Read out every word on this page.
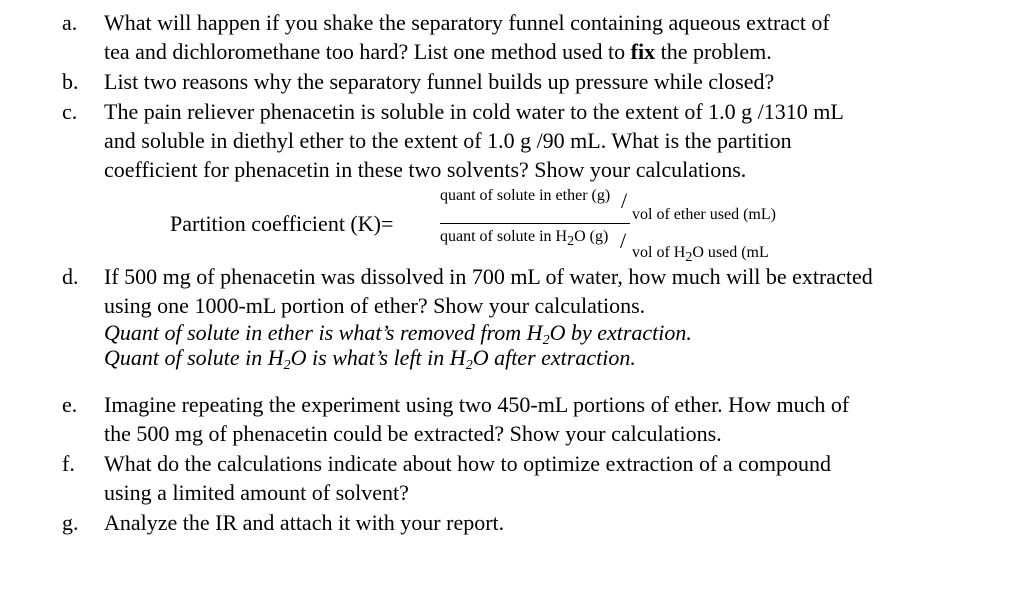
a.	What will happen if you shake the separatory funnel containing aqueous extract of
tea and dichloromethane too hard? List one method used to fix the problem.
b.	List two reasons why the separatory funnel builds up pressure while closed?
c.	The pain reliever phenacetin is soluble in cold water to the extent of 1.0 g /1310 mL
and soluble in diethyl ether to the extent of 1.0 g /90 mL. What is the partition
coefficient for phenacetin in these two solvents? Show your calculations.
Partition coefficient (K)=
quant of solute in ether (g) /
vol of ether used (mL)
quant of solute in $H_2O$ (g) / vol of $H_2O$ used (mL
d.	If 500 mg of phenacetin was dissolved in 700 mL of water, how much will be extracted
using one 1000-mL portion of ether? Show your calculations.
Quant of solute in ether is what’s removed from $H_2O$ by extraction.
Quant of solute in $H_2O$ is what’s left in $H_2O$ after extraction.
e.	Imagine repeating the experiment using two 450-mL portions of ether. How much of
the 500 mg of phenacetin could be extracted? Show your calculations.
f.	What do the calculations indicate about how to optimize extraction of a compound
using a limited amount of solvent?
g.	Analyze the IR and attach it with your report.
